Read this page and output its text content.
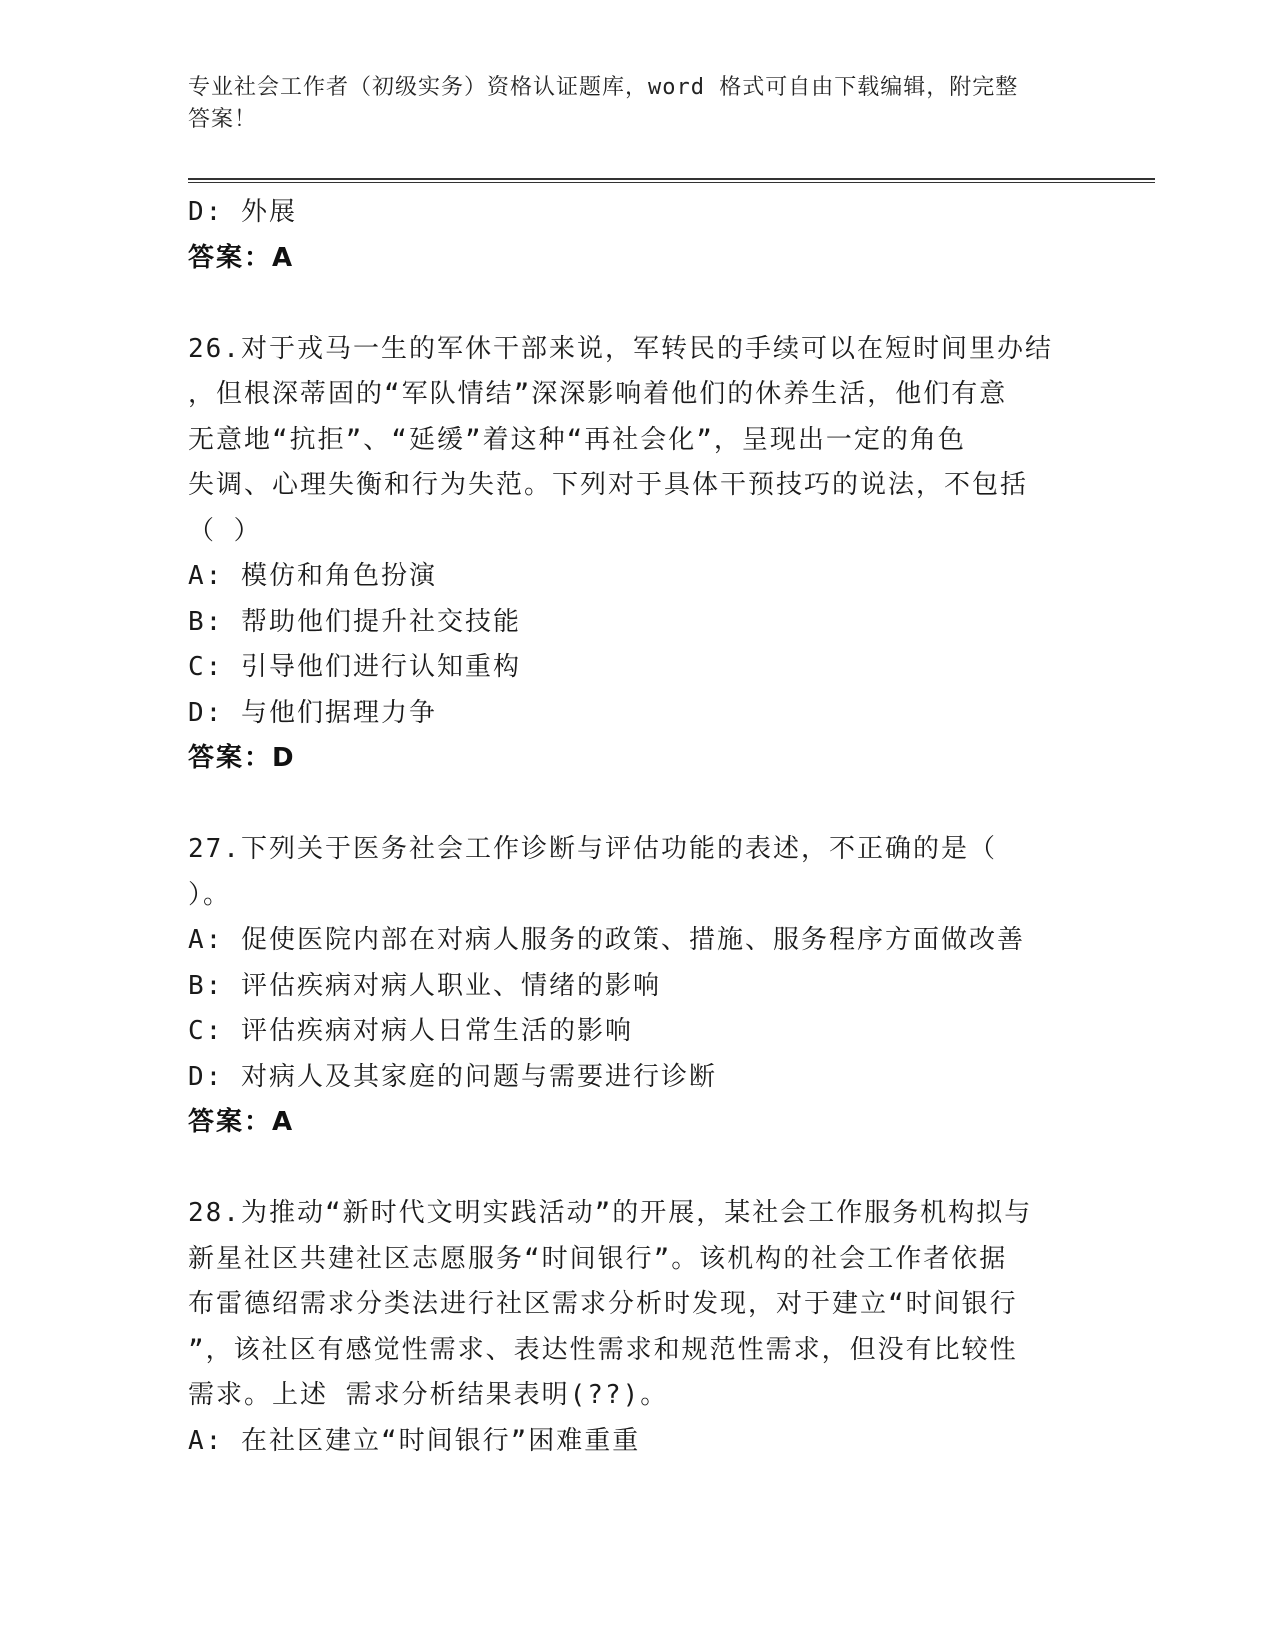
专业社会工作者（初级实务）资格认证题库，word 格式可自由下载编辑，附完整
答案！
D: 外展
答案：A
26.对于戎马一生的军休干部来说，军转民的手续可以在短时间里办结
，但根深蒂固的“军队情结”深深影响着他们的休养生活，他们有意
无意地“抗拒”、“延缓”着这种“再社会化”，呈现出一定的角色
失调、心理失衡和行为失范。下列对于具体干预技巧的说法，不包括
（ ）
A: 模仿和角色扮演
B: 帮助他们提升社交技能
C: 引导他们进行认知重构
D: 与他们据理力争
答案：D
27.下列关于医务社会工作诊断与评估功能的表述，不正确的是（
）。
A: 促使医院内部在对病人服务的政策、措施、服务程序方面做改善
B: 评估疾病对病人职业、情绪的影响
C: 评估疾病对病人日常生活的影响
D: 对病人及其家庭的问题与需要进行诊断
答案：A
28.为推动“新时代文明实践活动”的开展，某社会工作服务机构拟与
新星社区共建社区志愿服务“时间银行”。该机构的社会工作者依据
布雷德绍需求分类法进行社区需求分析时发现，对于建立“时间银行
”，该社区有感觉性需求、表达性需求和规范性需求，但没有比较性
需求。上述 需求分析结果表明(??)。
A: 在社区建立“时间银行”困难重重
